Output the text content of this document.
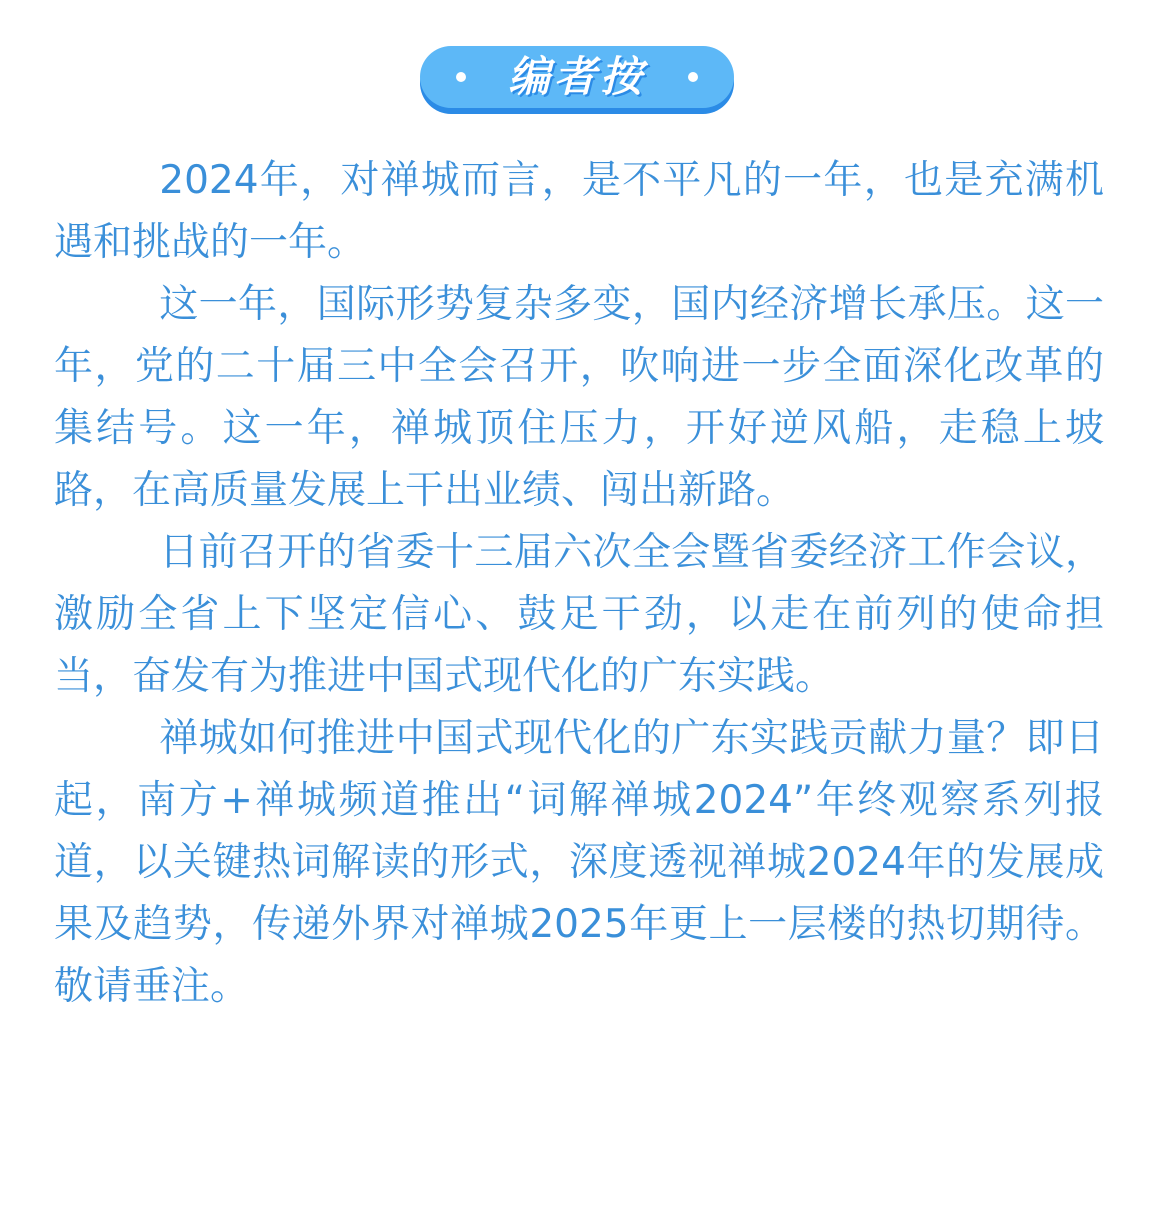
编者按

2024年，对禅城而言，是不平凡的一年，也是充满机遇和挑战的一年。

这一年，国际形势复杂多变，国内经济增长承压。这一年，党的二十届三中全会召开，吹响进一步全面深化改革的集结号。这一年，禅城顶住压力，开好逆风船，走稳上坡路，在高质量发展上干出业绩、闯出新路。

日前召开的省委十三届六次全会暨省委经济工作会议，激励全省上下坚定信心、鼓足干劲，以走在前列的使命担当，奋发有为推进中国式现代化的广东实践。

禅城如何推进中国式现代化的广东实践贡献力量？即日起，南方+禅城频道推出“词解禅城2024”年终观察系列报道，以关键热词解读的形式，深度透视禅城2024年的发展成果及趋势，传递外界对禅城2025年更上一层楼的热切期待。敬请垂注。
